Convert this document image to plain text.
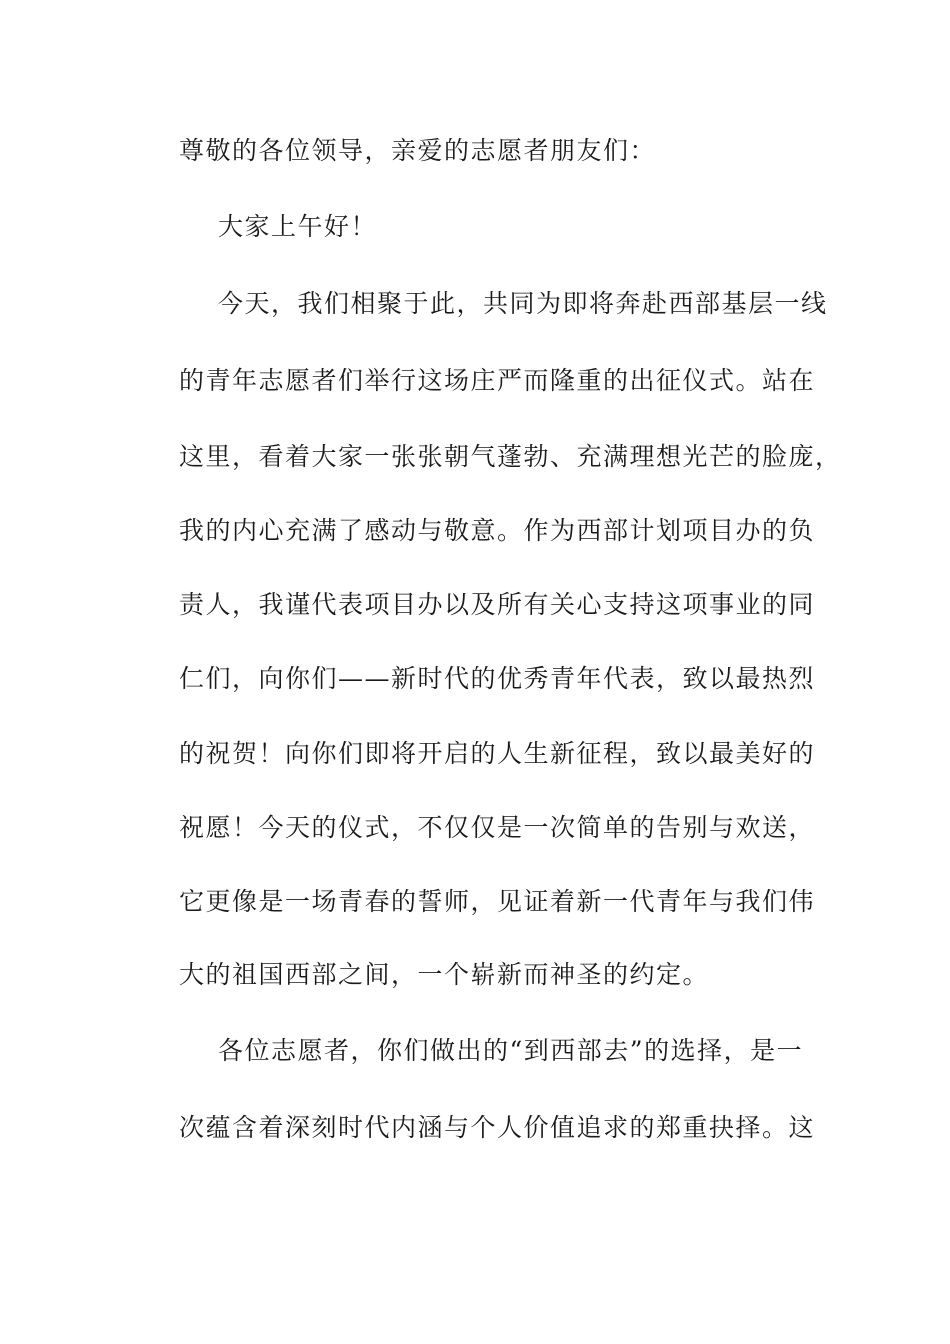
尊敬的各位领导，亲爱的志愿者朋友们：
大家上午好！
今天，我们相聚于此，共同为即将奔赴西部基层一线
的青年志愿者们举行这场庄严而隆重的出征仪式。站在
这里，看着大家一张张朝气蓬勃、充满理想光芒的脸庞，
我的内心充满了感动与敬意。作为西部计划项目办的负
责人，我谨代表项目办以及所有关心支持这项事业的同
仁们，向你们——新时代的优秀青年代表，致以最热烈
的祝贺！向你们即将开启的人生新征程，致以最美好的
祝愿！今天的仪式，不仅仅是一次简单的告别与欢送，
它更像是一场青春的誓师，见证着新一代青年与我们伟
大的祖国西部之间，一个崭新而神圣的约定。
各位志愿者，你们做出的“到西部去”的选择，是一
次蕴含着深刻时代内涵与个人价值追求的郑重抉择。这
